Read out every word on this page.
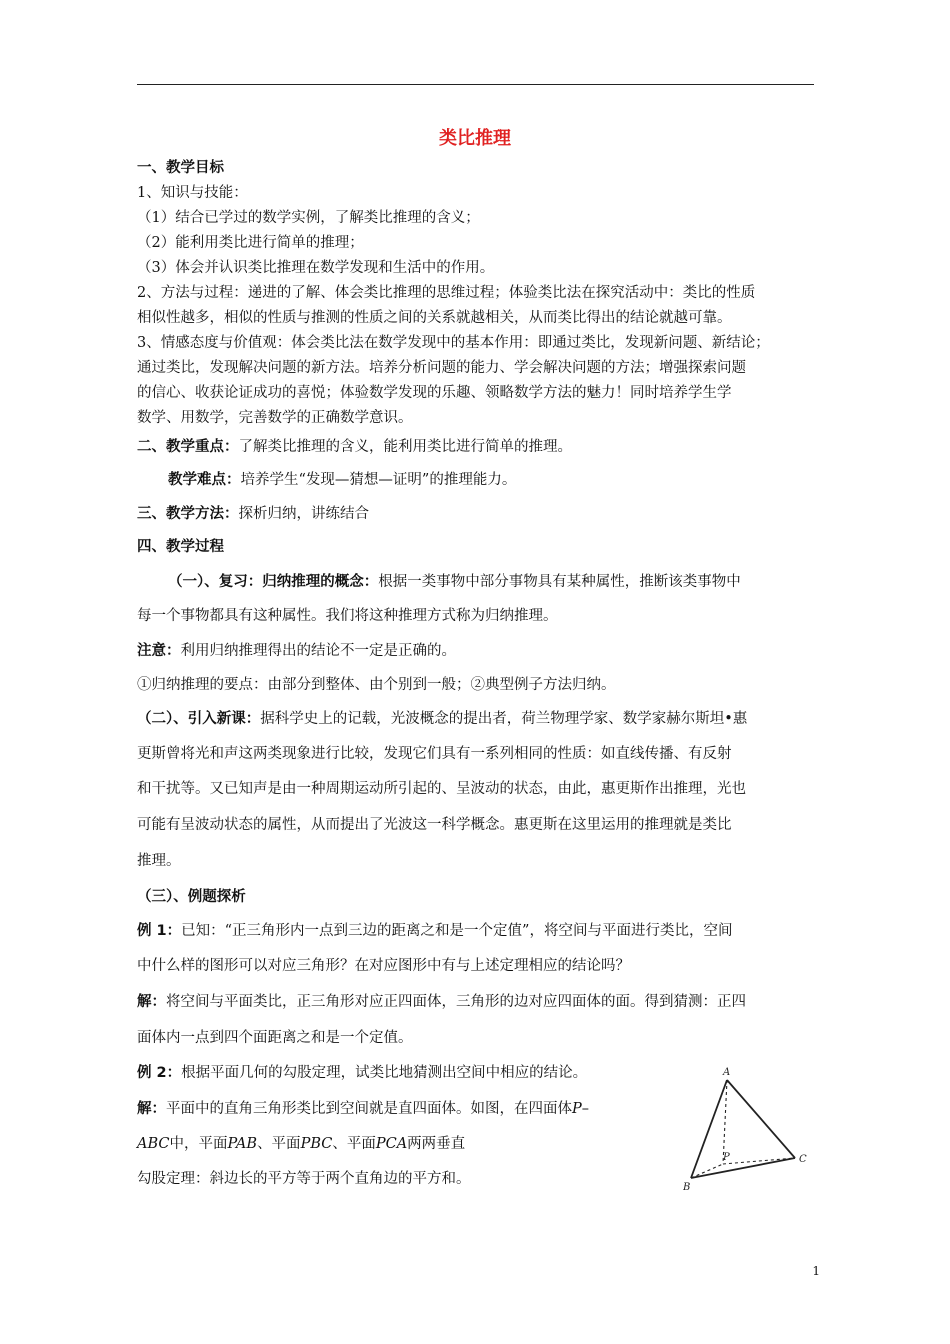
类比推理
一、教学目标
1、知识与技能：
（1）结合已学过的数学实例，了解类比推理的含义；
（2）能利用类比进行简单的推理；
（3）体会并认识类比推理在数学发现和生活中的作用。
2、方法与过程：递进的了解、体会类比推理的思维过程；体验类比法在探究活动中：类比的性质
相似性越多，相似的性质与推测的性质之间的关系就越相关，从而类比得出的结论就越可靠。
3、情感态度与价值观：体会类比法在数学发现中的基本作用：即通过类比，发现新问题、新结论；
通过类比，发现解决问题的新方法。培养分析问题的能力、学会解决问题的方法；增强探索问题
的信心、收获论证成功的喜悦；体验数学发现的乐趣、领略数学方法的魅力！同时培养学生学
数学、用数学，完善数学的正确数学意识。
二、教学重点：了解类比推理的含义，能利用类比进行简单的推理。
教学难点：培养学生“发现—猜想—证明”的推理能力。
三、教学方法：探析归纳，讲练结合
四、教学过程
（一）、复习：归纳推理的概念：根据一类事物中部分事物具有某种属性，推断该类事物中
每一个事物都具有这种属性。我们将这种推理方式称为归纳推理。
注意：利用归纳推理得出的结论不一定是正确的。
①归纳推理的要点：由部分到整体、由个别到一般；②典型例子方法归纳。
（二）、引入新课：据科学史上的记载，光波概念的提出者，荷兰物理学家、数学家赫尔斯坦•惠
更斯曾将光和声这两类现象进行比较，发现它们具有一系列相同的性质：如直线传播、有反射
和干扰等。又已知声是由一种周期运动所引起的、呈波动的状态，由此，惠更斯作出推理，光也
可能有呈波动状态的属性，从而提出了光波这一科学概念。惠更斯在这里运用的推理就是类比
推理。
（三）、例题探析
例 1：已知：“正三角形内一点到三边的距离之和是一个定值”，将空间与平面进行类比，空间
中什么样的图形可以对应三角形？在对应图形中有与上述定理相应的结论吗？
解：将空间与平面类比，正三角形对应正四面体，三角形的边对应四面体的面。得到猜测：正四
面体内一点到四个面距离之和是一个定值。
例 2：根据平面几何的勾股定理，试类比地猜测出空间中相应的结论。
解：平面中的直角三角形类比到空间就是直四面体。如图，在四面体P–
ABC中，平面PAB、平面PBC、平面PCA两两垂直
勾股定理：斜边长的平方等于两个直角边的平方和。
A
B
C
P
1
